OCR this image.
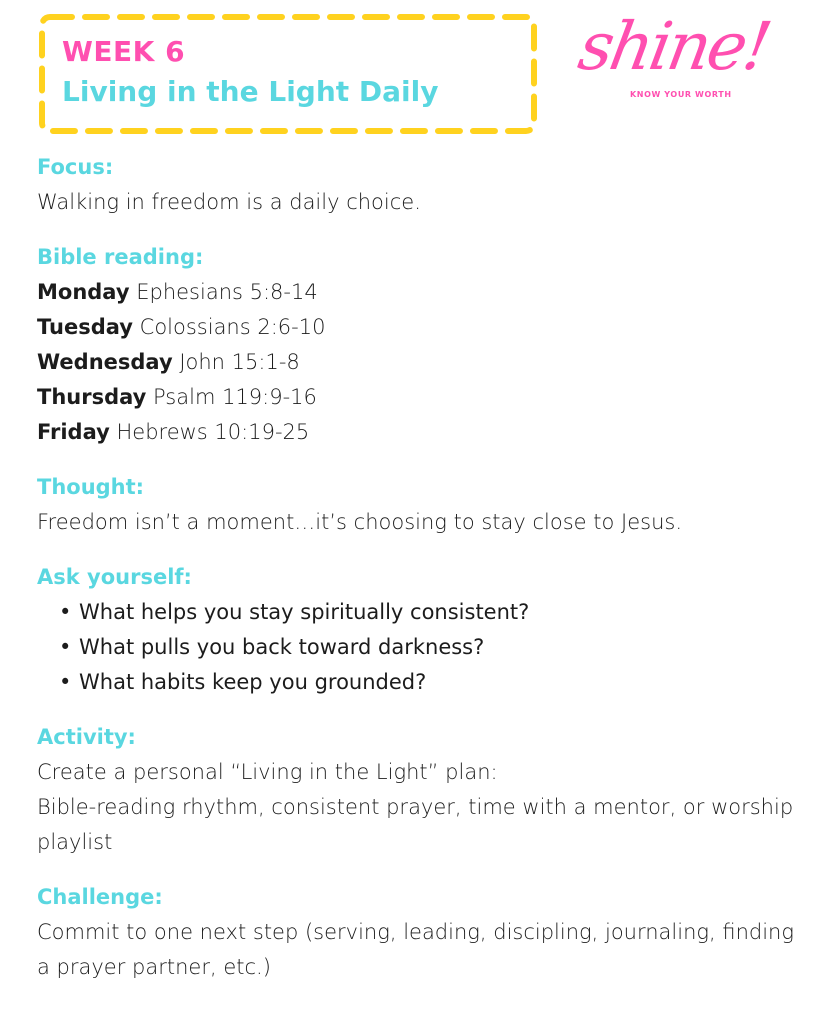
WEEK 6
Living in the Light Daily
shine!
KNOW YOUR WORTH
Focus:
Walking in freedom is a daily choice.
Bible reading:
Monday Ephesians 5:8-14
Tuesday Colossians 2:6-10
Wednesday John 15:1-8
Thursday Psalm 119:9-16
Friday Hebrews 10:19-25
Thought:
Freedom isn’t a moment…it’s choosing to stay close to Jesus.
Ask yourself:
• What helps you stay spiritually consistent?
• What pulls you back toward darkness?
• What habits keep you grounded?
Activity:
Create a personal “Living in the Light” plan:
Bible-reading rhythm, consistent prayer, time with a mentor, or worship playlist
Challenge:
Commit to one next step (serving, leading, discipling, journaling, finding a prayer partner, etc.)
